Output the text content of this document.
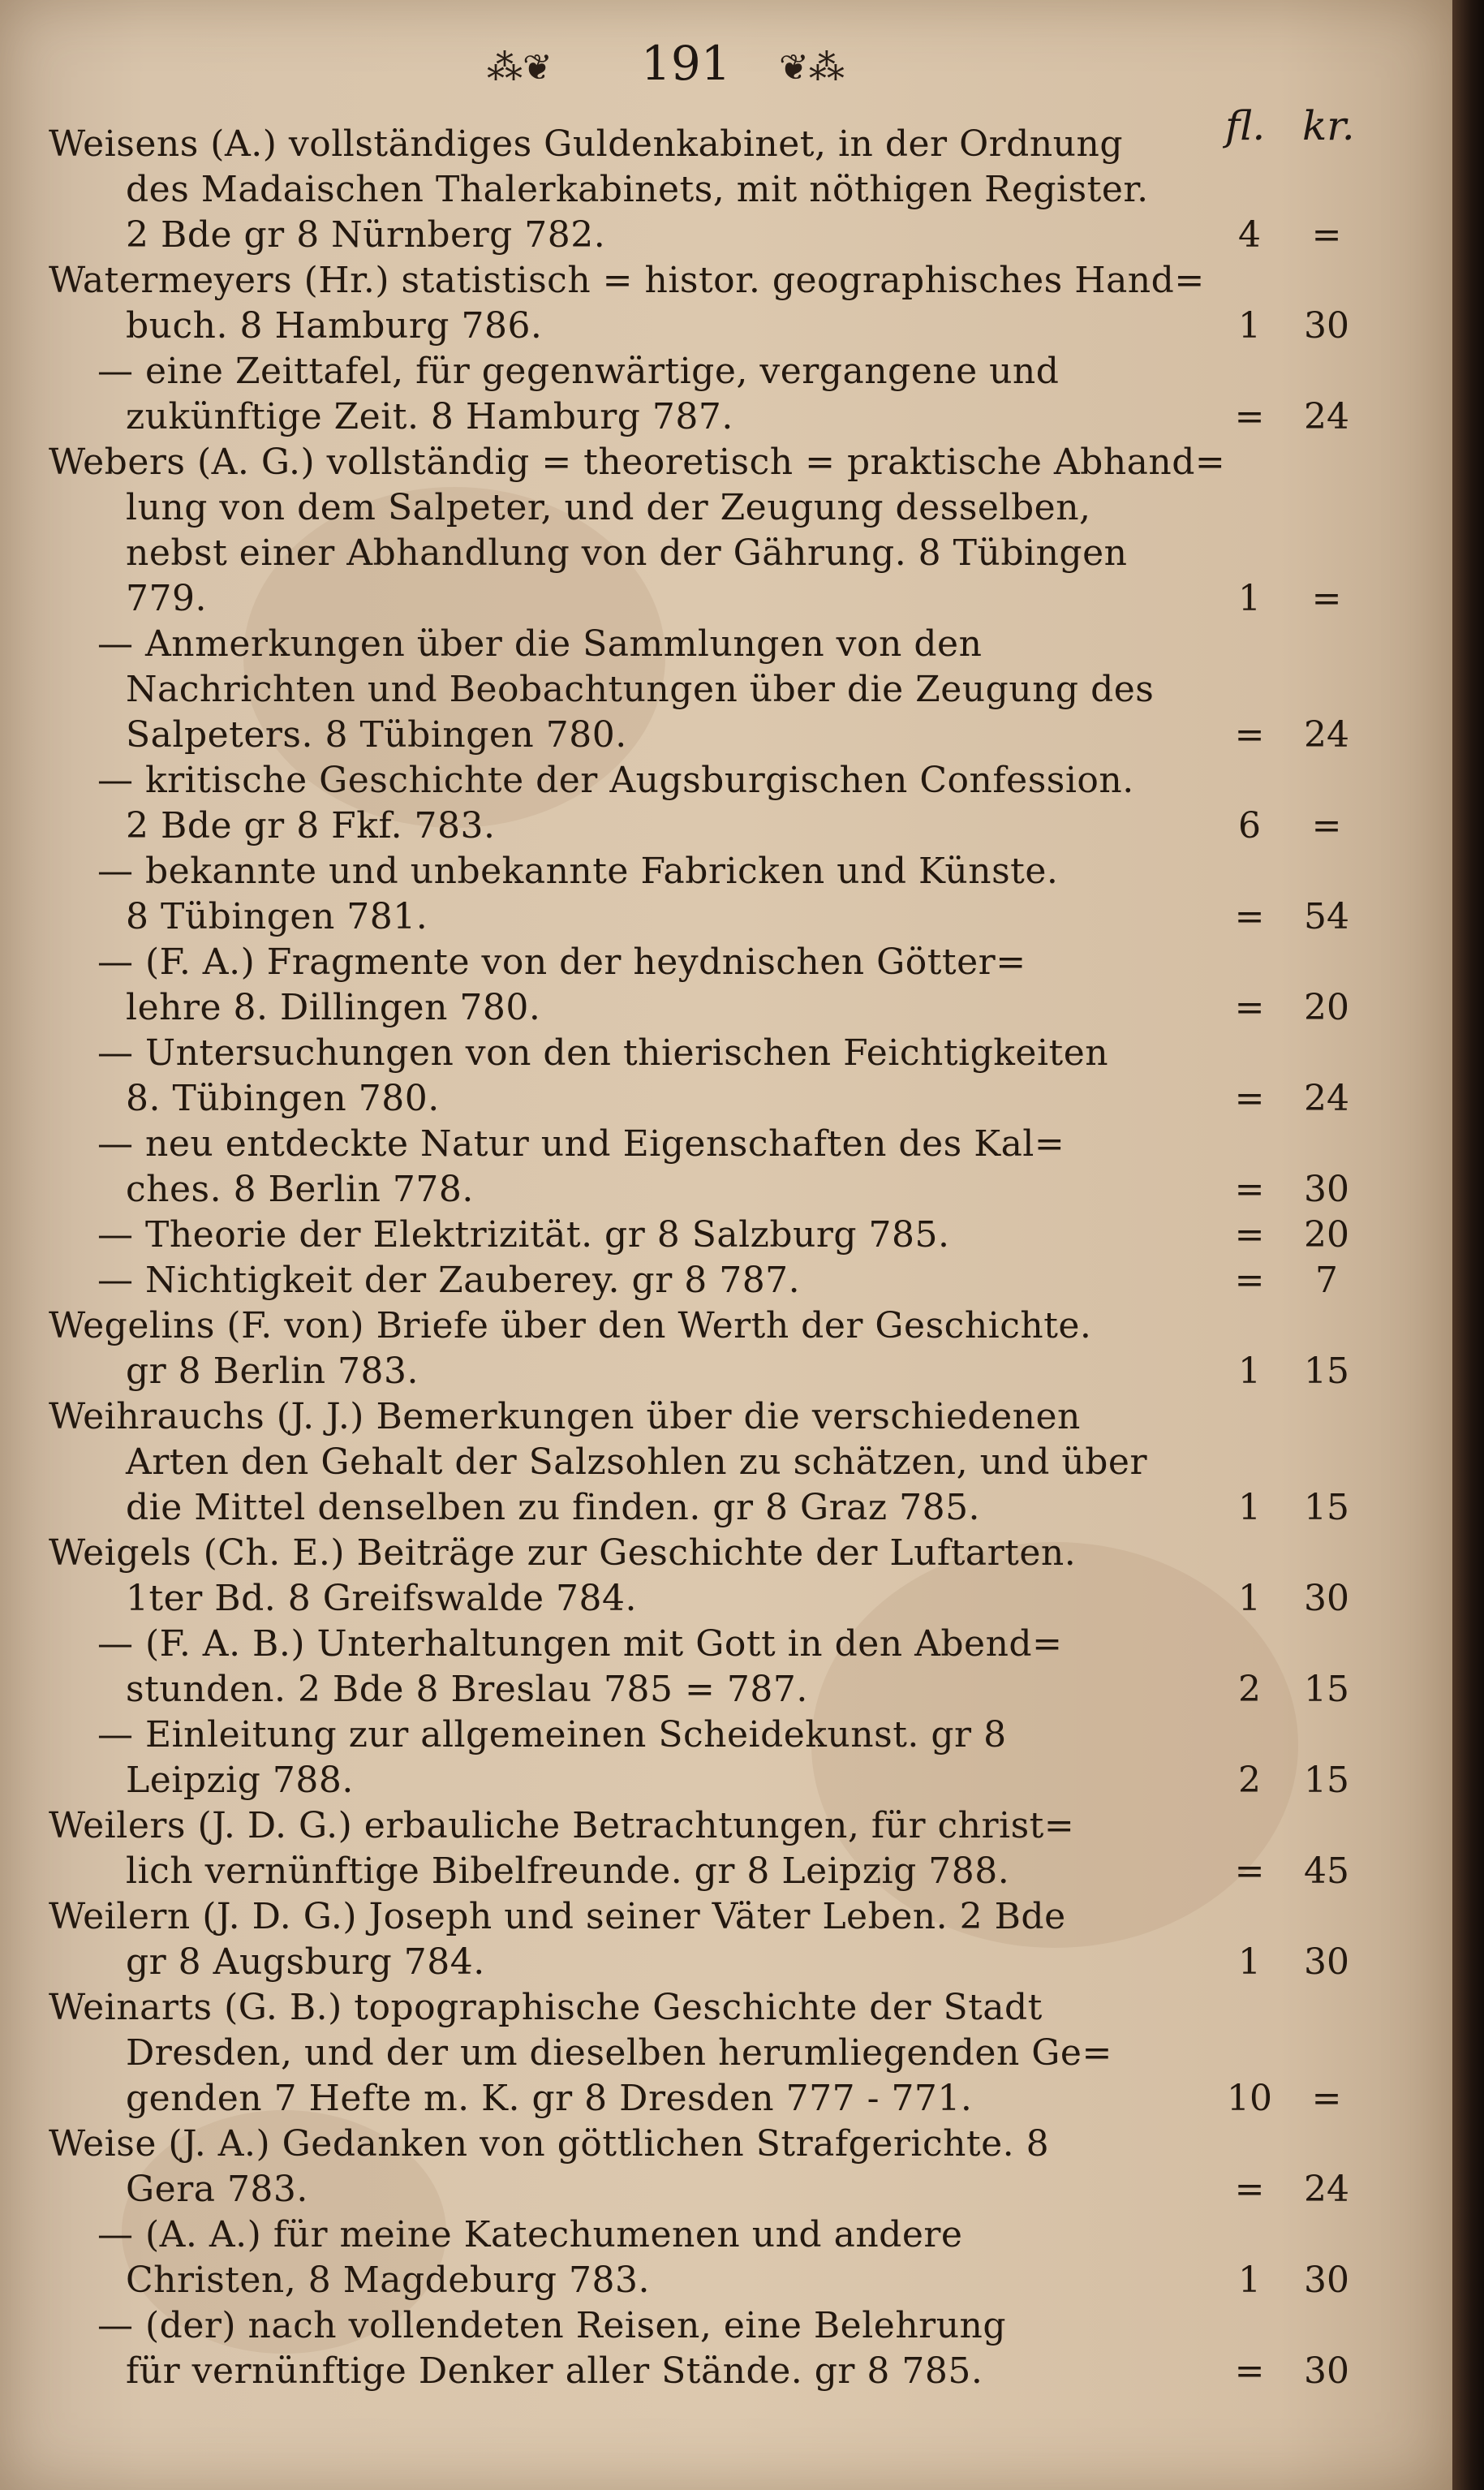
⁂❦ 191 ❦⁂
fl. kr.
Weisens (A.) vollständiges Guldenkabinet, in der Ordnung
des Madaischen Thalerkabinets, mit nöthigen Register.
2 Bde gr 8 Nürnberg 782.	4	=
Watermeyers (Hr.) statistisch = histor. geographisches Hand=
buch. 8 Hamburg 786.	1	30
— eine Zeittafel, für gegenwärtige, vergangene und
zukünftige Zeit. 8 Hamburg 787.	=	24
Webers (A. G.) vollständig = theoretisch = praktische Abhand=
lung von dem Salpeter, und der Zeugung desselben,
nebst einer Abhandlung von der Gährung. 8 Tübingen
779.	1	=
— Anmerkungen über die Sammlungen von den
Nachrichten und Beobachtungen über die Zeugung des
Salpeters. 8 Tübingen 780.	=	24
— kritische Geschichte der Augsburgischen Confession.
2 Bde gr 8 Fkf. 783.	6	=
— bekannte und unbekannte Fabricken und Künste.
8 Tübingen 781.	=	54
— (F. A.) Fragmente von der heydnischen Götter=
lehre 8. Dillingen 780.	=	20
— Untersuchungen von den thierischen Feichtigkeiten
8. Tübingen 780.	=	24
— neu entdeckte Natur und Eigenschaften des Kal=
ches. 8 Berlin 778.	=	30
— Theorie der Elektrizität. gr 8 Salzburg 785.	=	20
— Nichtigkeit der Zauberey. gr 8 787.	=	7
Wegelins (F. von) Briefe über den Werth der Geschichte.
gr 8 Berlin 783.	1	15
Weihrauchs (J. J.) Bemerkungen über die verschiedenen
Arten den Gehalt der Salzsohlen zu schätzen, und über
die Mittel denselben zu finden. gr 8 Graz 785.	1	15
Weigels (Ch. E.) Beiträge zur Geschichte der Luftarten.
1ter Bd. 8 Greifswalde 784.	1	30
— (F. A. B.) Unterhaltungen mit Gott in den Abend=
stunden. 2 Bde 8 Breslau 785 = 787.	2	15
— Einleitung zur allgemeinen Scheidekunst. gr 8
Leipzig 788.	2	15
Weilers (J. D. G.) erbauliche Betrachtungen, für christ=
lich vernünftige Bibelfreunde. gr 8 Leipzig 788.	=	45
Weilern (J. D. G.) Joseph und seiner Väter Leben. 2 Bde
gr 8 Augsburg 784.	1	30
Weinarts (G. B.) topographische Geschichte der Stadt
Dresden, und der um dieselben herumliegenden Ge=
genden 7 Hefte m. K. gr 8 Dresden 777 - 771.	10	=
Weise (J. A.) Gedanken von göttlichen Strafgerichte. 8
Gera 783.	=	24
— (A. A.) für meine Katechumenen und andere
Christen, 8 Magdeburg 783.	1	30
— (der) nach vollendeten Reisen, eine Belehrung
für vernünftige Denker aller Stände. gr 8 785.	=	30
